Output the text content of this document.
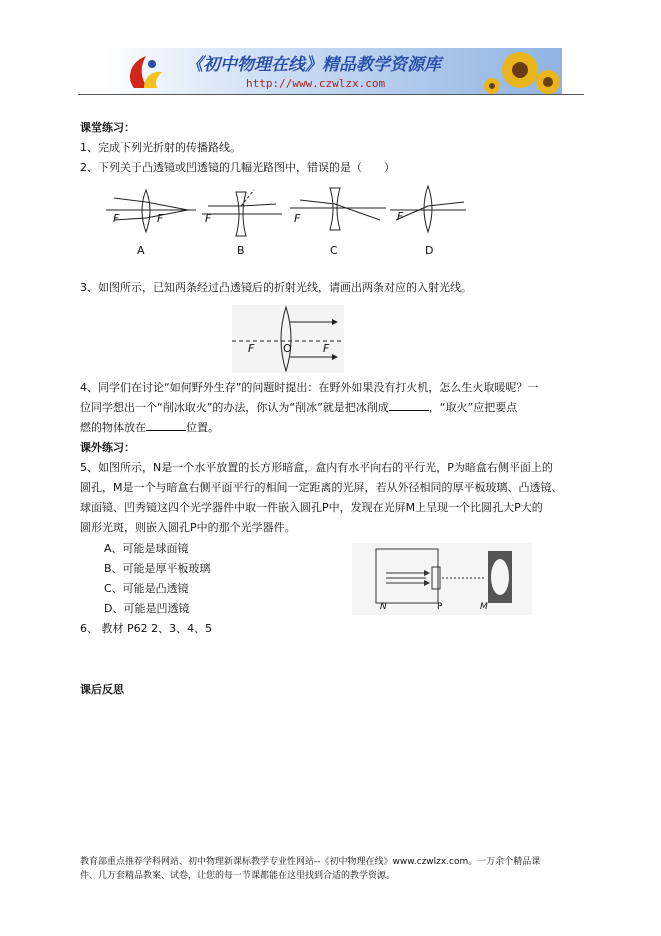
《初中物理在线》精品教学资源库
http://www.czwlzx.com
课堂练习：
1、完成下列光折射的传播路线。
2、下列关于凸透镜或凹透镜的几幅光路图中，错误的是（　　）
F	F	F	F	F
A	B	C	D
3、如图所示，已知两条经过凸透镜后的折射光线，请画出两条对应的入射光线。
F	O	F
4、同学们在讨论“如何野外生存”的问题时提出：在野外如果没有打火机，怎么生火取暖呢？一
位同学想出一个“削冰取火”的办法，你认为“削冰”就是把冰削成	，“取火”应把要点
燃的物体放在	位置。
课外练习：
5、如图所示，N是一个水平放置的长方形暗盒，盒内有水平向右的平行光，P为暗盒右侧平面上的
圆孔，M是一个与暗盒右侧平面平行的相间一定距离的光屏，若从外径相同的厚平板玻璃、凸透镜、
球面镜、凹秀镜这四个光学器件中取一件嵌入圆孔P中，发现在光屏M上呈现一个比圆孔大P大的
圆形光斑，则嵌入圆孔P中的那个光学器件。
A、可能是球面镜
B、可能是厚平板玻璃
C、可能是凸透镜
D、可能是凹透镜	N	P	M
6、 教材 P62 2、3、4、5
课后反思
教育部重点推荐学科网站、初中物理新课标教学专业性网站--《初中物理在线》www.czwlzx.com。一万余个精品课
件、几万套精品教案、试卷，让您的每一节课都能在这里找到合适的教学资源。
